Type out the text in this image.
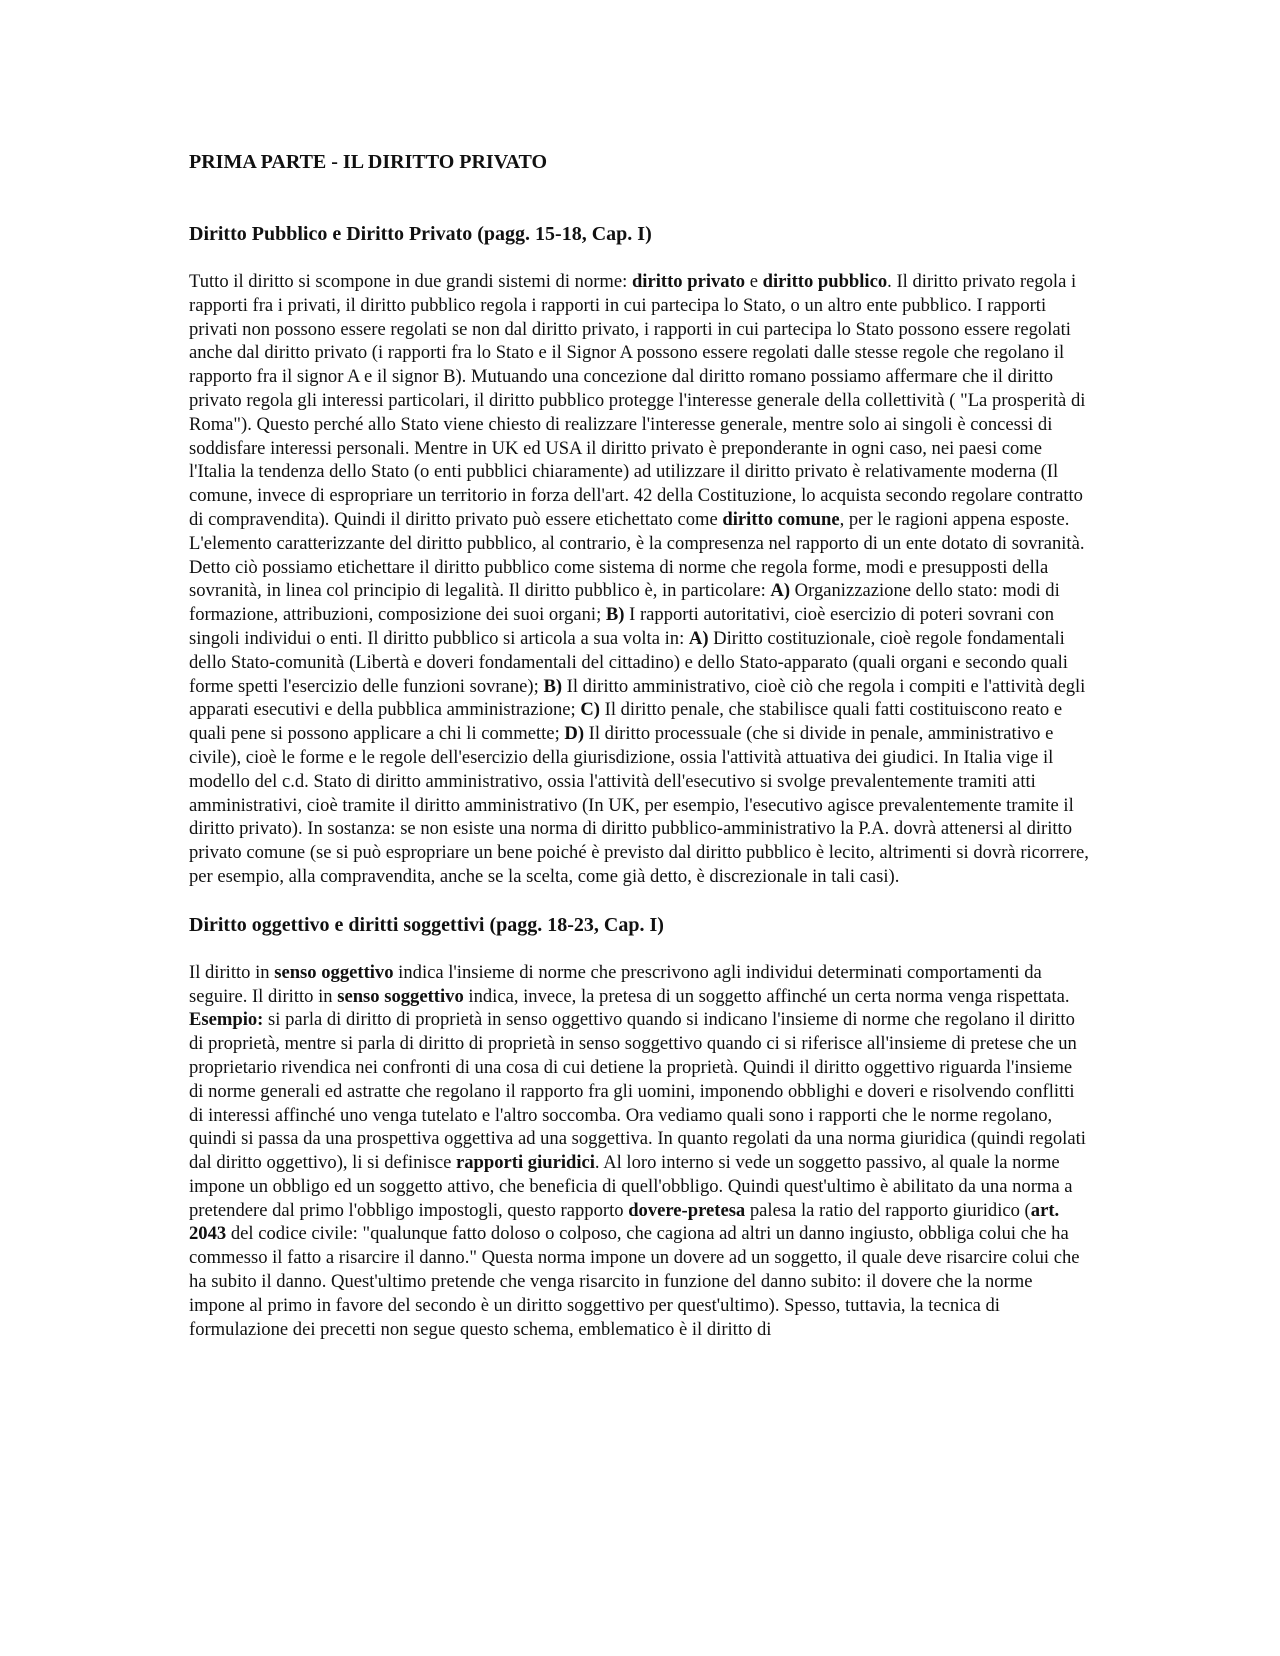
PRIMA PARTE - IL DIRITTO PRIVATO
Diritto Pubblico e Diritto Privato (pagg. 15-18, Cap. I)

Tutto il diritto si scompone in due grandi sistemi di norme: diritto privato e diritto pubblico. Il diritto privato regola i rapporti fra i privati, il diritto pubblico regola i rapporti in cui partecipa lo Stato, o un altro ente pubblico. I rapporti privati non possono essere regolati se non dal diritto privato, i rapporti in cui partecipa lo Stato possono essere regolati anche dal diritto privato (i rapporti fra lo Stato e il Signor A possono essere regolati dalle stesse regole che regolano il rapporto fra il signor A e il signor B). Mutuando una concezione dal diritto romano possiamo affermare che il diritto privato regola gli interessi particolari, il diritto pubblico protegge l'interesse generale della collettività ( "La prosperità di Roma"). Questo perché allo Stato viene chiesto di realizzare l'interesse generale, mentre solo ai singoli è concessi di soddisfare interessi personali. Mentre in UK ed USA il diritto privato è preponderante in ogni caso, nei paesi come l'Italia la tendenza dello Stato (o enti pubblici chiaramente) ad utilizzare il diritto privato è relativamente moderna (Il comune, invece di espropriare un territorio in forza dell'art. 42 della Costituzione, lo acquista secondo regolare contratto di compravendita). Quindi il diritto privato può essere etichettato come diritto comune, per le ragioni appena esposte. L'elemento caratterizzante del diritto pubblico, al contrario, è la compresenza nel rapporto di un ente dotato di sovranità. Detto ciò possiamo etichettare il diritto pubblico come sistema di norme che regola forme, modi e presupposti della sovranità, in linea col principio di legalità. Il diritto pubblico è, in particolare: A) Organizzazione dello stato: modi di formazione, attribuzioni, composizione dei suoi organi; B) I rapporti autoritativi, cioè esercizio di poteri sovrani con singoli individui o enti. Il diritto pubblico si articola a sua volta in: A) Diritto costituzionale, cioè regole fondamentali dello Stato-comunità (Libertà e doveri fondamentali del cittadino) e dello Stato-apparato (quali organi e secondo quali forme spetti l'esercizio delle funzioni sovrane); B) Il diritto amministrativo, cioè ciò che regola i compiti e l'attività degli apparati esecutivi e della pubblica amministrazione; C) Il diritto penale, che stabilisce quali fatti costituiscono reato e quali pene si possono applicare a chi li commette; D) Il diritto processuale (che si divide in penale, amministrativo e civile), cioè le forme e le regole dell'esercizio della giurisdizione, ossia l'attività attuativa dei giudici. In Italia vige il modello del c.d. Stato di diritto amministrativo, ossia l'attività dell'esecutivo si svolge prevalentemente tramiti atti amministrativi, cioè tramite il diritto amministrativo (In UK, per esempio, l'esecutivo agisce prevalentemente tramite il diritto privato). In sostanza: se non esiste una norma di diritto pubblico-amministrativo la P.A. dovrà attenersi al diritto privato comune (se si può espropriare un bene poiché è previsto dal diritto pubblico è lecito, altrimenti si dovrà ricorrere, per esempio, alla compravendita, anche se la scelta, come già detto, è discrezionale in tali casi).

Diritto oggettivo e diritti soggettivi (pagg. 18-23, Cap. I)

Il diritto in senso oggettivo indica l'insieme di norme che prescrivono agli individui determinati comportamenti da seguire. Il diritto in senso soggettivo indica, invece, la pretesa di un soggetto affinché un certa norma venga rispettata. Esempio: si parla di diritto di proprietà in senso oggettivo quando si indicano l'insieme di norme che regolano il diritto di proprietà, mentre si parla di diritto di proprietà in senso soggettivo quando ci si riferisce all'insieme di pretese che un proprietario rivendica nei confronti di una cosa di cui detiene la proprietà. Quindi il diritto oggettivo riguarda l'insieme di norme generali ed astratte che regolano il rapporto fra gli uomini, imponendo obblighi e doveri e risolvendo conflitti di interessi affinché uno venga tutelato e l'altro soccomba. Ora vediamo quali sono i rapporti che le norme regolano, quindi si passa da una prospettiva oggettiva ad una soggettiva. In quanto regolati da una norma giuridica (quindi regolati dal diritto oggettivo), li si definisce rapporti giuridici. Al loro interno si vede un soggetto passivo, al quale la norme impone un obbligo ed un soggetto attivo, che beneficia di quell'obbligo. Quindi quest'ultimo è abilitato da una norma a pretendere dal primo l'obbligo impostogli, questo rapporto dovere-pretesa palesa la ratio del rapporto giuridico (art. 2043 del codice civile: "qualunque fatto doloso o colposo, che cagiona ad altri un danno ingiusto, obbliga colui che ha commesso il fatto a risarcire il danno." Questa norma impone un dovere ad un soggetto, il quale deve risarcire colui che ha subito il danno. Quest'ultimo pretende che venga risarcito in funzione del danno subito: il dovere che la norme impone al primo in favore del secondo è un diritto soggettivo per quest'ultimo). Spesso, tuttavia, la tecnica di formulazione dei precetti non segue questo schema, emblematico è il diritto di
